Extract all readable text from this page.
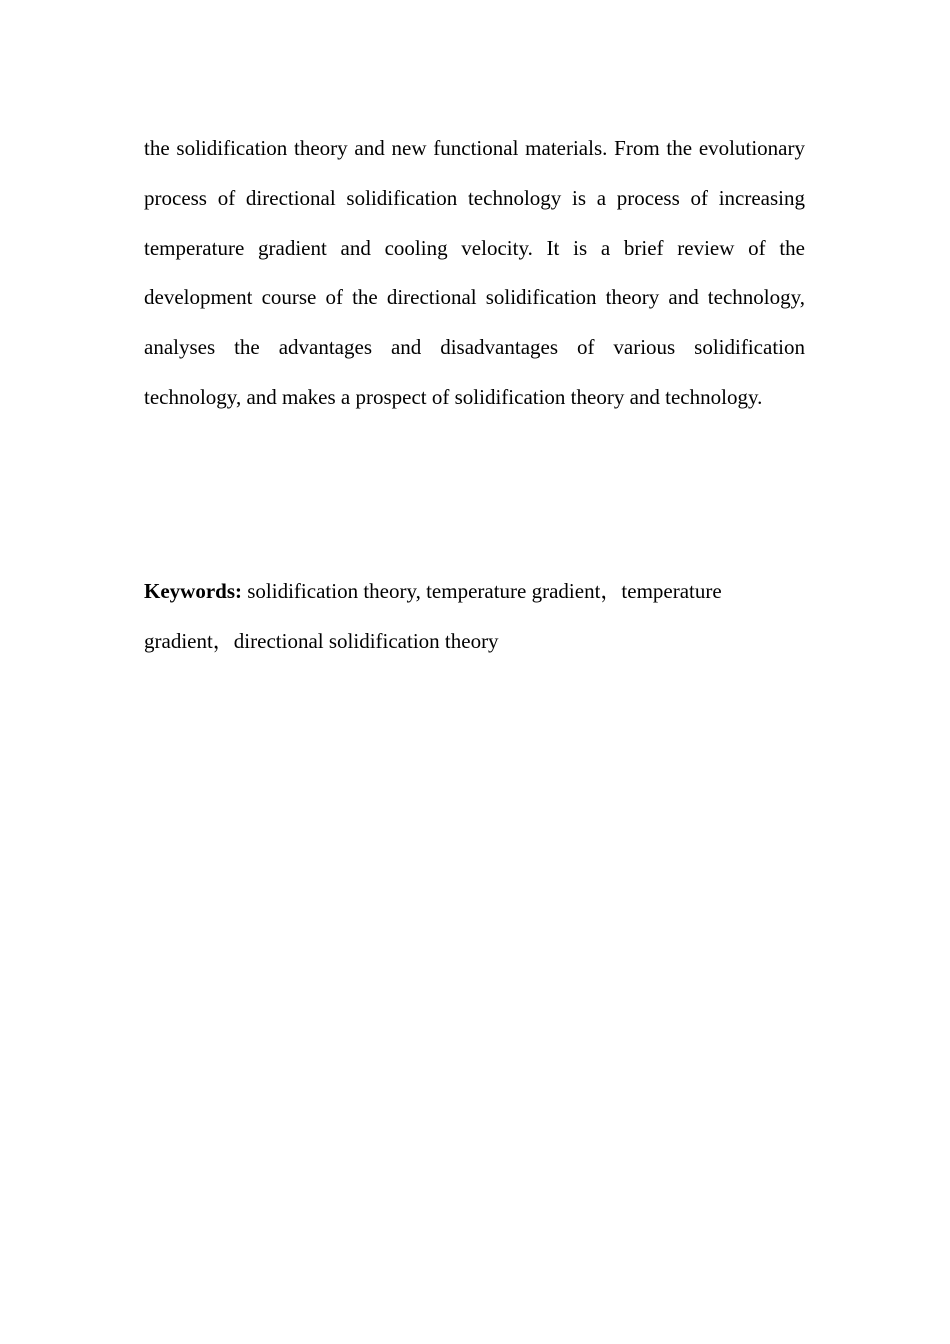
the solidification theory and new functional materials. From the evolutionary process of directional solidification technology is a process of increasing temperature gradient and cooling velocity. It is a brief review of the development course of the directional solidification theory and technology, analyses the advantages and disadvantages of various solidification technology, and makes a prospect of solidification theory and technology.

Keywords: solidification theory, temperature gradient，temperature gradient，directional solidification theory
